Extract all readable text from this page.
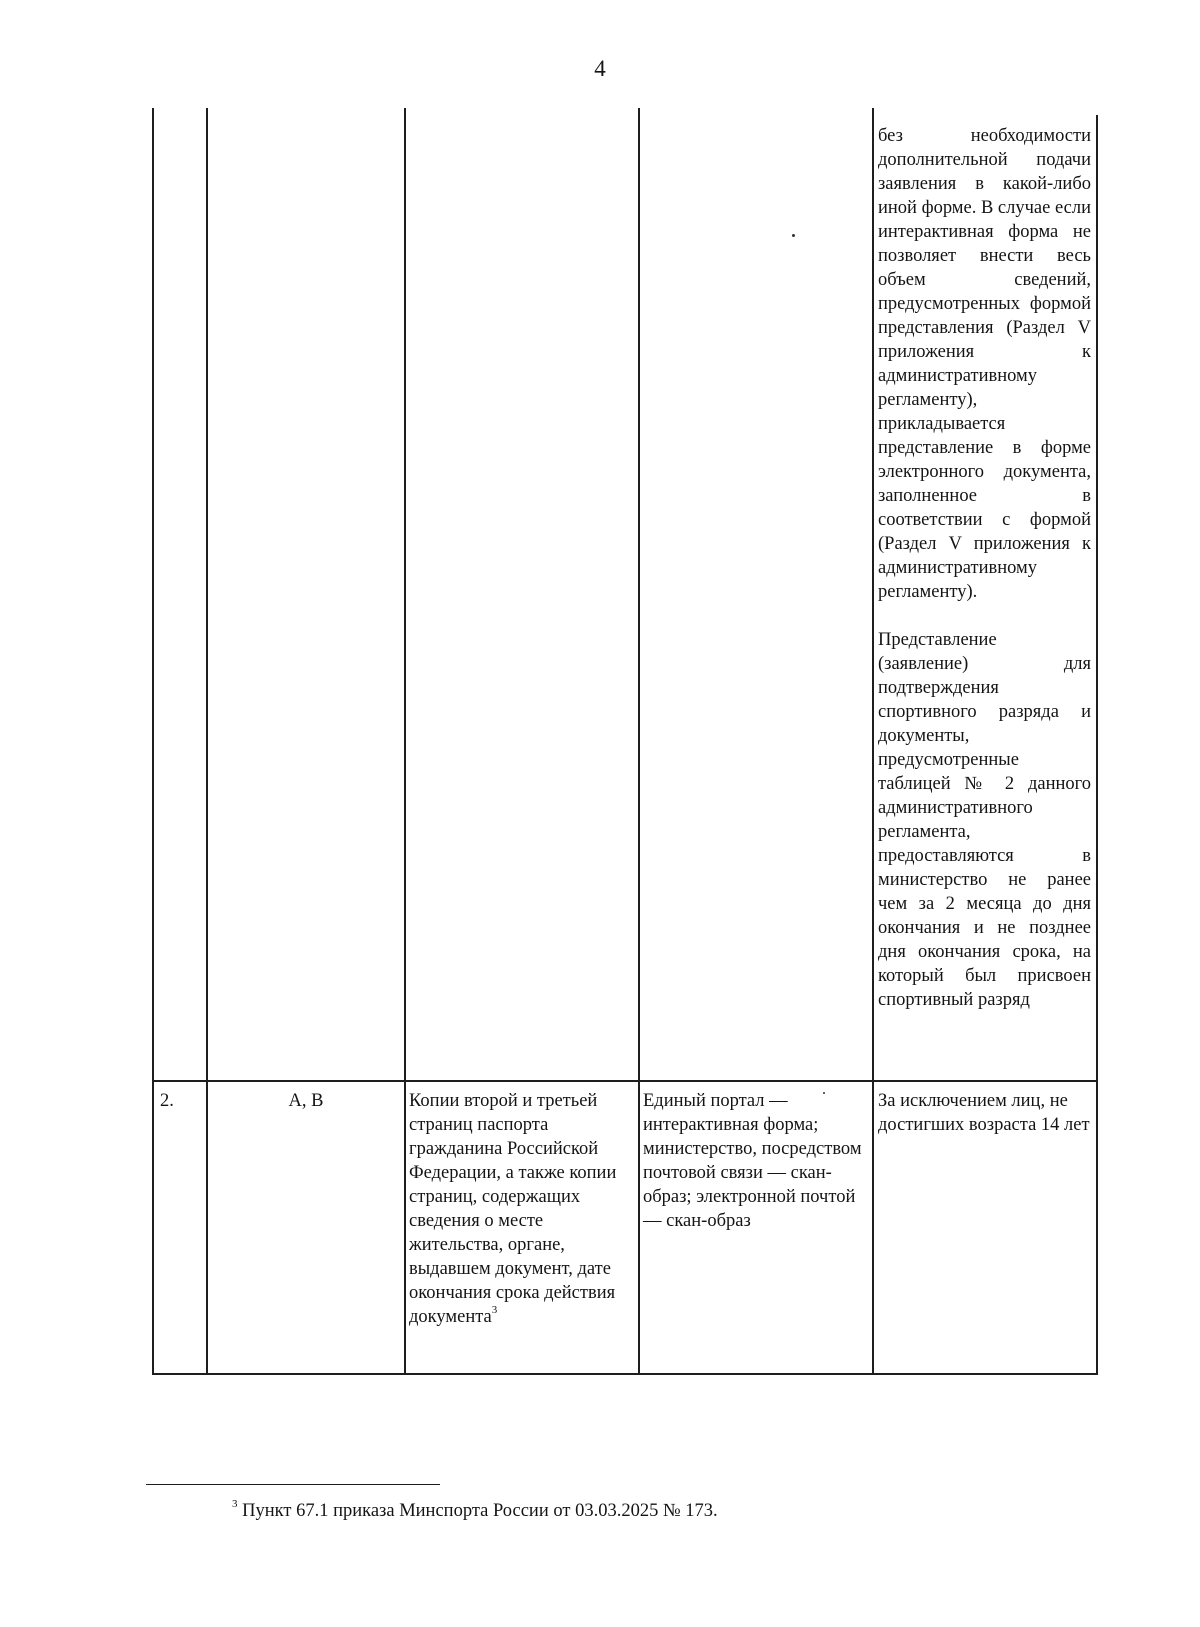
4
без необходимости дополнительной подачи заявления в какой-либо иной форме. В случае если интерактивная форма не позволяет внести весь объем сведений, предусмотренных формой представления (Раздел V приложения к административному регламенту), прикладывается представление в форме электронного документа, заполненное в соответствии с формой (Раздел V приложения к административному регламенту).
Представление (заявление) для подтверждения спортивного разряда и документы, предусмотренные таблицей № 2 данного административного регламента, предоставляются в министерство не ранее чем за 2 месяца до дня окончания и не позднее дня окончания срока, на который был присвоен спортивный разряд
2.	А, В	Копии второй и третьей страниц паспорта гражданина Российской Федерации, а также копии страниц, содержащих сведения о месте жительства, органе, выдавшем документ, дате окончания срока действия документа$^3$
Единый портал — интерактивная форма; министерство, посредством почтовой связи — скан-образ; электронной почтой — скан-образ
За исключением лиц, не достигших возраста 14 лет
$^3$ Пункт 67.1 приказа Минспорта России от 03.03.2025 № 173.
